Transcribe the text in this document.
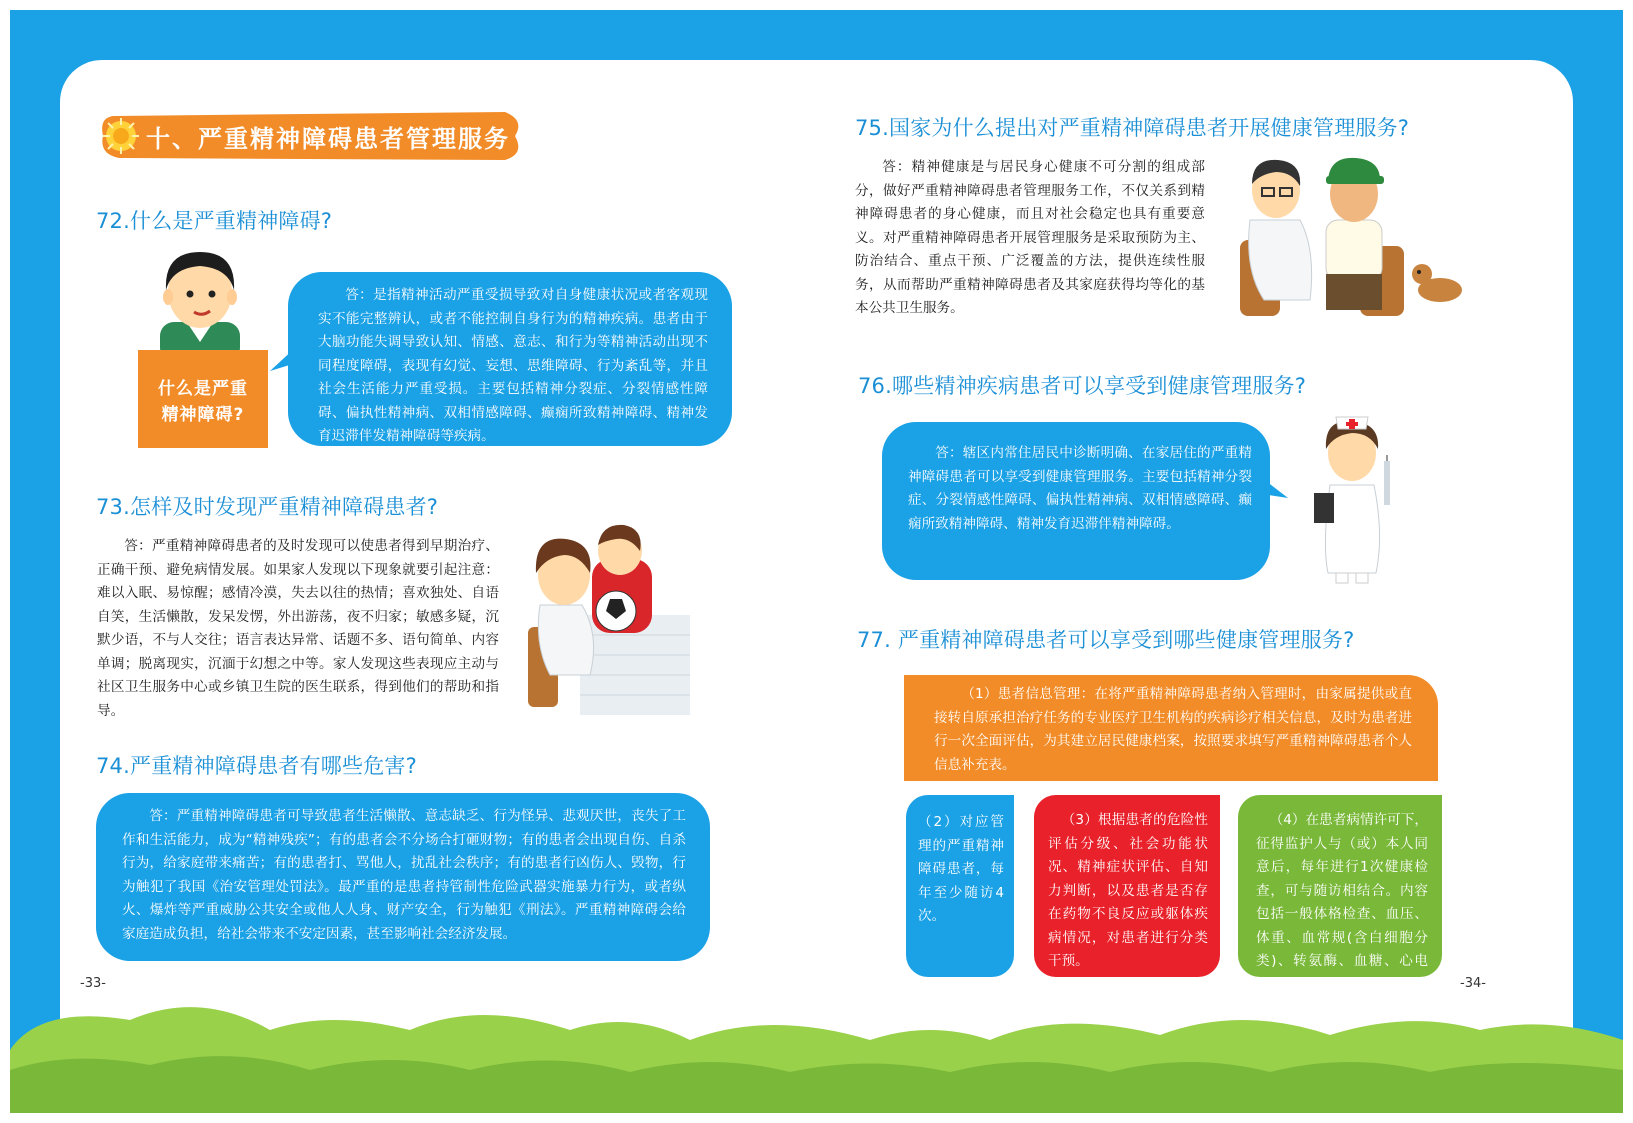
十、严重精神障碍患者管理服务
72.什么是严重精神障碍?
什么是严重精神障碍?
答：是指精神活动严重受损导致对自身健康状况或者客观现实不能完整辨认，或者不能控制自身行为的精神疾病。患者由于大脑功能失调导致认知、情感、意志、和行为等精神活动出现不同程度障碍，表现有幻觉、妄想、思维障碍、行为紊乱等，并且社会生活能力严重受损。主要包括精神分裂症、分裂情感性障碍、偏执性精神病、双相情感障碍、癫痫所致精神障碍、精神发育迟滞伴发精神障碍等疾病。
73.怎样及时发现严重精神障碍患者?
答：严重精神障碍患者的及时发现可以使患者得到早期治疗、正确干预、避免病情发展。如果家人发现以下现象就要引起注意：难以入眠、易惊醒；感情冷漠，失去以往的热情；喜欢独处、自语自笑，生活懒散，发呆发愣，外出游荡，夜不归家；敏感多疑，沉默少语，不与人交往；语言表达异常、话题不多、语句简单、内容单调；脱离现实，沉湎于幻想之中等。家人发现这些表现应主动与社区卫生服务中心或乡镇卫生院的医生联系，得到他们的帮助和指导。
74.严重精神障碍患者有哪些危害?
答：严重精神障碍患者可导致患者生活懒散、意志缺乏、行为怪异、悲观厌世，丧失了工作和生活能力，成为“精神残疾”；有的患者会不分场合打砸财物；有的患者会出现自伤、自杀行为，给家庭带来痛苦；有的患者打、骂他人，扰乱社会秩序；有的患者行凶伤人、毁物，行为触犯了我国《治安管理处罚法》。最严重的是患者持管制性危险武器实施暴力行为，或者纵火、爆炸等严重威胁公共安全或他人人身、财产安全，行为触犯《刑法》。严重精神障碍会给家庭造成负担，给社会带来不安定因素，甚至影响社会经济发展。
75.国家为什么提出对严重精神障碍患者开展健康管理服务?
答：精神健康是与居民身心健康不可分割的组成部分，做好严重精神障碍患者管理服务工作，不仅关系到精神障碍患者的身心健康，而且对社会稳定也具有重要意义。对严重精神障碍患者开展管理服务是采取预防为主、防治结合、重点干预、广泛覆盖的方法，提供连续性服务，从而帮助严重精神障碍患者及其家庭获得均等化的基本公共卫生服务。
76.哪些精神疾病患者可以享受到健康管理服务?
答：辖区内常住居民中诊断明确、在家居住的严重精神障碍患者可以享受到健康管理服务。主要包括精神分裂症、分裂情感性障碍、偏执性精神病、双相情感障碍、癫痫所致精神障碍、精神发育迟滞伴精神障碍。
77. 严重精神障碍患者可以享受到哪些健康管理服务?
（1）患者信息管理：在将严重精神障碍患者纳入管理时，由家属提供或直接转自原承担治疗任务的专业医疗卫生机构的疾病诊疗相关信息，及时为患者进行一次全面评估，为其建立居民健康档案，按照要求填写严重精神障碍患者个人信息补充表。
（2）对应管理的严重精神障碍患者，每年至少随访4次。
（3）根据患者的危险性评估分级、社会功能状况、精神症状评估、自知力判断，以及患者是否存在药物不良反应或躯体疾病情况，对患者进行分类干预。
（4）在患者病情许可下，征得监护人与（或）本人同意后，每年进行1次健康检查，可与随访相结合。内容包括一般体格检查、血压、体重、血常规(含白细胞分类)、转氨酶、血糖、心电图。
-33-	-34-
